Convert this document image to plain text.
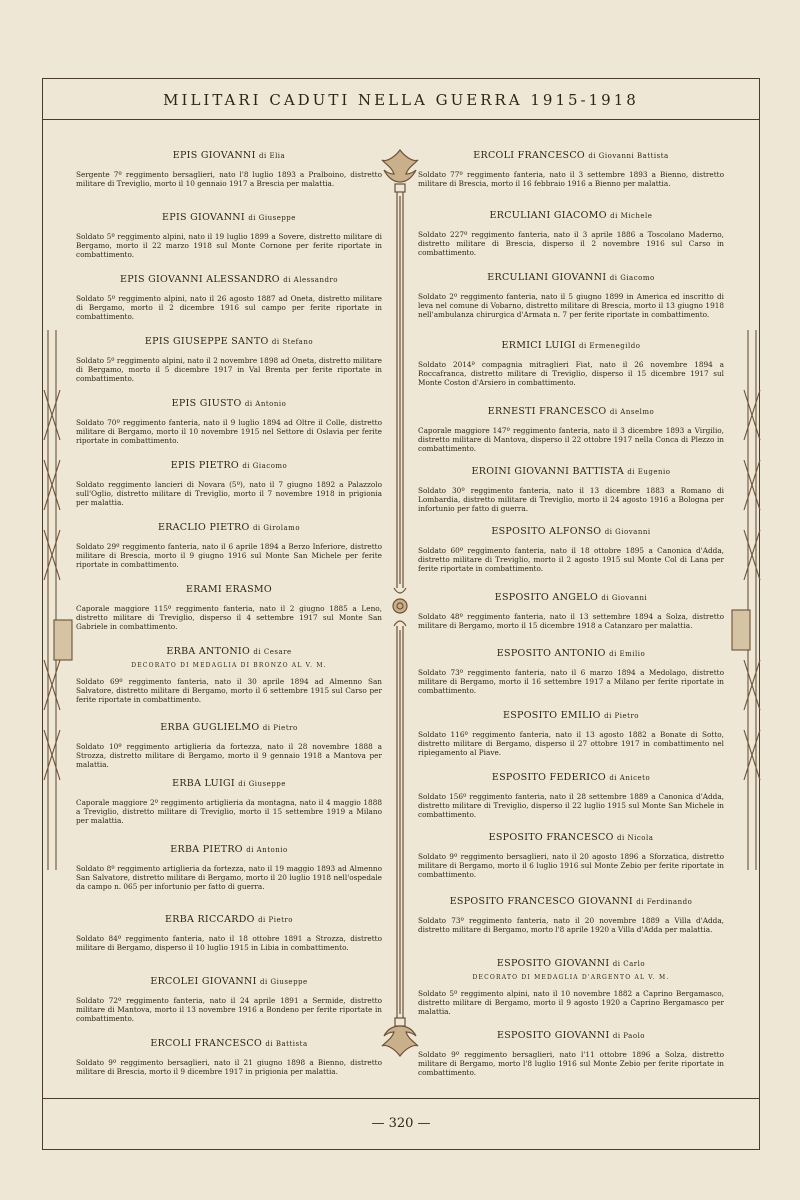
MILITARI CADUTI NELLA GUERRA 1915-1918
— 320 —
EPIS GIOVANNI di Elia

Sergente 7º reggimento bersaglieri, nato l'8 luglio 1893 a Pralboino, distretto militare di Treviglio, morto il 10 gennaio 1917 a Brescia per malattia.

EPIS GIOVANNI di Giuseppe

Soldato 5º reggimento alpini, nato il 19 luglio 1899 a Sovere, distretto militare di Bergamo, morto il 22 marzo 1918 sul Monte Cornone per ferite riportate in combattimento.

EPIS GIOVANNI ALESSANDRO di Alessandro

Soldato 5º reggimento alpini, nato il 26 agosto 1887 ad Oneta, distretto militare di Bergamo, morto il 2 dicembre 1916 sul campo per ferite riportate in combattimento.

EPIS GIUSEPPE SANTO di Stefano

Soldato 5º reggimento alpini, nato il 2 novembre 1898 ad Oneta, distretto militare di Bergamo, morto il 5 dicembre 1917 in Val Brenta per ferite riportate in combattimento.

EPIS GIUSTO di Antonio

Soldato 70º reggimento fanteria, nato il 9 luglio 1894 ad Oltre il Colle, distretto militare di Bergamo, morto il 10 novembre 1915 nel Settore di Oslavia per ferite riportate in combattimento.

EPIS PIETRO di Giacomo

Soldato reggimento lancieri di Novara (5º), nato il 7 giugno 1892 a Palazzolo sull'Oglio, distretto militare di Treviglio, morto il 7 novembre 1918 in prigionia per malattia.

ERACLIO PIETRO di Girolamo

Soldato 29º reggimento fanteria, nato il 6 aprile 1894 a Berzo Inferiore, distretto militare di Brescia, morto il 9 giugno 1916 sul Monte San Michele per ferite riportate in combattimento.

ERAMI ERASMO

Caporale maggiore 115º reggimento fanteria, nato il 2 giugno 1885 a Leno, distretto militare di Treviglio, disperso il 4 settembre 1917 sul Monte San Gabriele in combattimento.

ERBA ANTONIO di Cesare
DECORATO DI MEDAGLIA DI BRONZO AL V. M.

Soldato 69º reggimento fanteria, nato il 30 aprile 1894 ad Almenno San Salvatore, distretto militare di Bergamo, morto il 6 settembre 1915 sul Carso per ferite riportate in combattimento.

ERBA GUGLIELMO di Pietro

Soldato 10º reggimento artiglieria da fortezza, nato il 28 novembre 1888 a Strozza, distretto militare di Bergamo, morto il 9 gennaio 1918 a Mantova per malattia.

ERBA LUIGI di Giuseppe

Caporale maggiore 2º reggimento artiglieria da montagna, nato il 4 maggio 1888 a Treviglio, distretto militare di Treviglio, morto il 15 settembre 1919 a Milano per malattia.

ERBA PIETRO di Antonio

Soldato 8º reggimento artiglieria da fortezza, nato il 19 maggio 1893 ad Almenno San Salvatore, distretto militare di Bergamo, morto il 20 luglio 1918 nell'ospedale da campo n. 065 per infortunio per fatto di guerra.

ERBA RICCARDO di Pietro

Soldato 84º reggimento fanteria, nato il 18 ottobre 1891 a Strozza, distretto militare di Bergamo, disperso il 10 luglio 1915 in Libia in combattimento.

ERCOLEI GIOVANNI di Giuseppe

Soldato 72º reggimento fanteria, nato il 24 aprile 1891 a Sermide, distretto militare di Mantova, morto il 13 novembre 1916 a Bondeno per ferite riportate in combattimento.

ERCOLI FRANCESCO di Battista

Soldato 9º reggimento bersaglieri, nato il 21 giugno 1898 a Bienno, distretto militare di Brescia, morto il 9 dicembre 1917 in prigionia per malattia.

ERCOLI FRANCESCO di Giovanni Battista

Soldato 77º reggimento fanteria, nato il 3 settembre 1893 a Bienno, distretto militare di Brescia, morto il 16 febbraio 1916 a Bienno per malattia.

ERCULIANI GIACOMO di Michele

Soldato 227º reggimento fanteria, nato il 3 aprile 1886 a Toscolano Maderno, distretto militare di Brescia, disperso il 2 novembre 1916 sul Carso in combattimento.

ERCULIANI GIOVANNI di Giacomo

Soldato 2º reggimento fanteria, nato il 5 giugno 1899 in America ed inscritto di leva nel comune di Vobarno, distretto militare di Brescia, morto il 13 giugno 1918 nell'ambulanza chirurgica d'Armata n. 7 per ferite riportate in combattimento.

ERMICI LUIGI di Ermenegildo

Soldato 2014ª compagnia mitraglieri Fiat, nato il 26 novembre 1894 a Roccafranca, distretto militare di Treviglio, disperso il 15 dicembre 1917 sul Monte Coston d'Arsiero in combattimento.

ERNESTI FRANCESCO di Anselmo

Caporale maggiore 147º reggimento fanteria, nato il 3 dicembre 1893 a Virgilio, distretto militare di Mantova, disperso il 22 ottobre 1917 nella Conca di Plezzo in combattimento.

EROINI GIOVANNI BATTISTA di Eugenio

Soldato 30º reggimento fanteria, nato il 13 dicembre 1883 a Romano di Lombardia, distretto militare di Treviglio, morto il 24 agosto 1916 a Bologna per infortunio per fatto di guerra.

ESPOSITO ALFONSO di Giovanni

Soldato 60º reggimento fanteria, nato il 18 ottobre 1895 a Canonica d'Adda, distretto militare di Treviglio, morto il 2 agosto 1915 sul Monte Col di Lana per ferite riportate in combattimento.

ESPOSITO ANGELO di Giovanni

Soldato 48º reggimento fanteria, nato il 13 settembre 1894 a Solza, distretto militare di Bergamo, morto il 15 dicembre 1918 a Catanzaro per malattia.

ESPOSITO ANTONIO di Emilio

Soldato 73º reggimento fanteria, nato il 6 marzo 1894 a Medolago, distretto militare di Bergamo, morto il 16 settembre 1917 a Milano per ferite riportate in combattimento.

ESPOSITO EMILIO di Pietro

Soldato 116º reggimento fanteria, nato il 13 agosto 1882 a Bonate di Sotto, distretto militare di Bergamo, disperso il 27 ottobre 1917 in combattimento nel ripiegamento al Piave.

ESPOSITO FEDERICO di Aniceto

Soldato 156º reggimento fanteria, nato il 28 settembre 1889 a Canonica d'Adda, distretto militare di Treviglio, disperso il 22 luglio 1915 sul Monte San Michele in combattimento.

ESPOSITO FRANCESCO di Nicola

Soldato 9º reggimento bersaglieri, nato il 20 agosto 1896 a Sforzatica, distretto militare di Bergamo, morto il 6 luglio 1916 sul Monte Zebio per ferite riportate in combattimento.

ESPOSITO FRANCESCO GIOVANNI di Ferdinando

Soldato 73º reggimento fanteria, nato il 20 novembre 1889 a Villa d'Adda, distretto militare di Bergamo, morto l'8 aprile 1920 a Villa d'Adda per malattia.

ESPOSITO GIOVANNI di Carlo
DECORATO DI MEDAGLIA D'ARGENTO AL V. M.

Soldato 5º reggimento alpini, nato il 10 novembre 1882 a Caprino Bergamasco, distretto militare di Bergamo, morto il 9 agosto 1920 a Caprino Bergamasco per malattia.

ESPOSITO GIOVANNI di Paolo

Soldato 9º reggimento bersaglieri, nato l'11 ottobre 1896 a Solza, distretto militare di Bergamo, morto l'8 luglio 1916 sul Monte Zebio per ferite riportate in combattimento.
